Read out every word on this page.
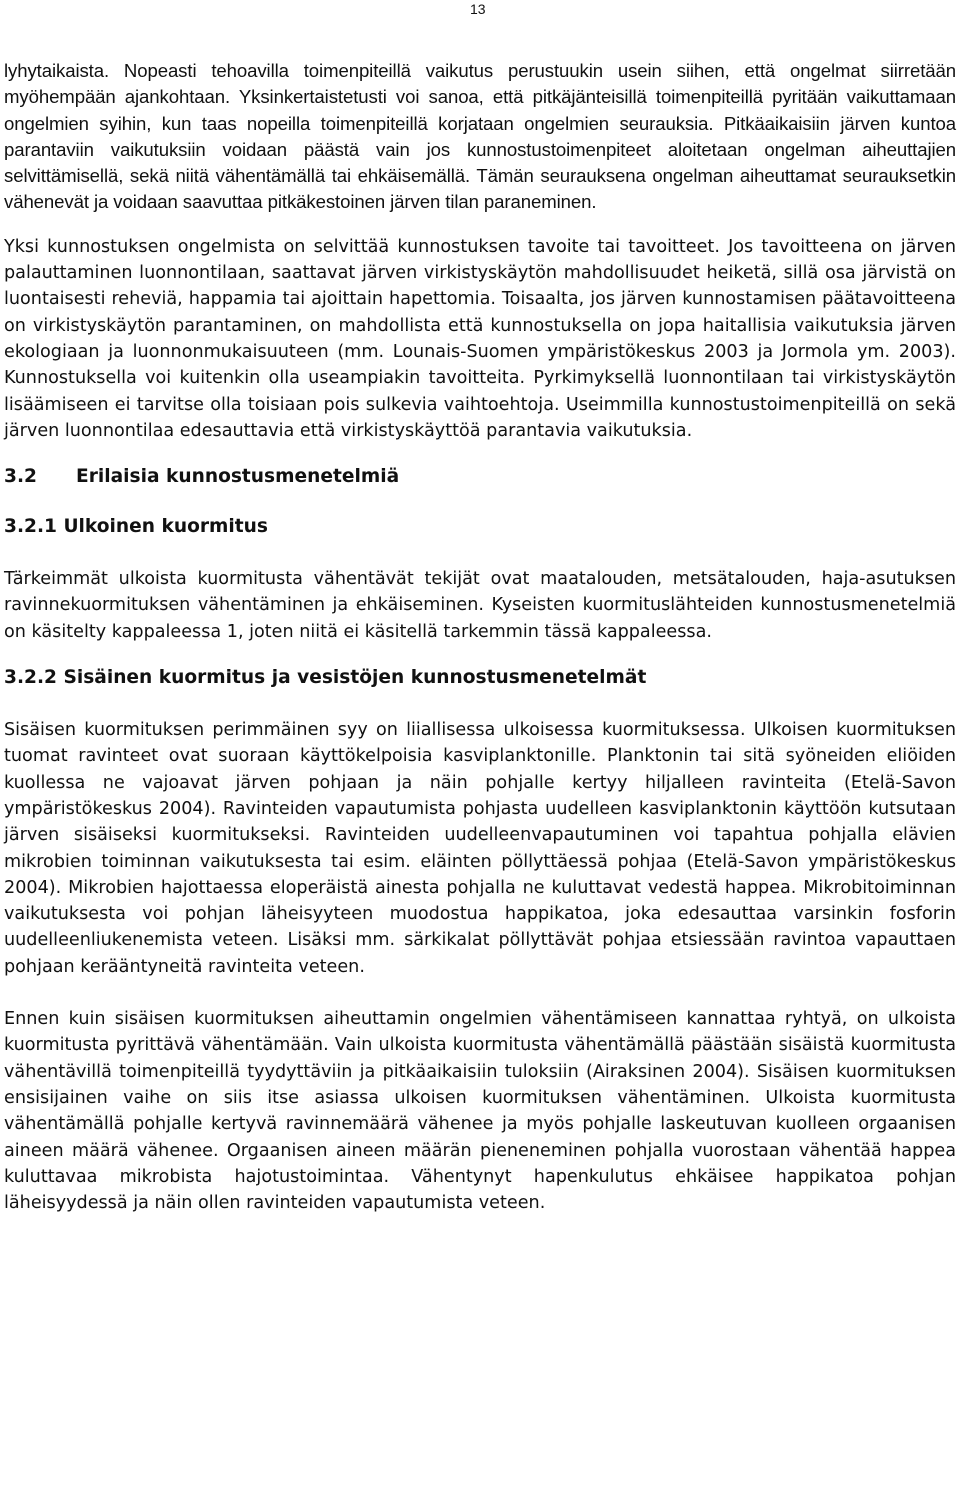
13

lyhytaikaista. Nopeasti tehoavilla toimenpiteillä vaikutus perustuukin usein siihen, että ongelmat siirretään myöhempään ajankohtaan. Yksinkertaistetusti voi sanoa, että pitkäjänteisillä toimenpiteillä pyritään vaikuttamaan ongelmien syihin, kun taas nopeilla toimenpiteillä korjataan ongelmien seurauksia. Pitkäaikaisiin järven kuntoa parantaviin vaikutuksiin voidaan päästä vain jos kunnostustoimenpiteet aloitetaan ongelman aiheuttajien selvittämisellä, sekä niitä vähentämällä tai ehkäisemällä. Tämän seurauksena ongelman aiheuttamat seurauksetkin vähenevät ja voidaan saavuttaa pitkäkestoinen järven tilan paraneminen.

Yksi kunnostuksen ongelmista on selvittää kunnostuksen tavoite tai tavoitteet. Jos tavoitteena on järven palauttaminen luonnontilaan, saattavat järven virkistyskäytön mahdollisuudet heiketä, sillä osa järvistä on luontaisesti reheviä, happamia tai ajoittain hapettomia. Toisaalta, jos järven kunnostamisen päätavoitteena on virkistyskäytön parantaminen, on mahdollista että kunnostuksella on jopa haitallisia vaikutuksia järven ekologiaan ja luonnonmukaisuuteen (mm. Lounais-Suomen ympäristökeskus 2003 ja Jormola ym. 2003). Kunnostuksella voi kuitenkin olla useampiakin tavoitteita. Pyrkimyksellä luonnontilaan tai virkistyskäytön lisäämiseen ei tarvitse olla toisiaan pois sulkevia vaihtoehtoja. Useimmilla kunnostustoimenpiteillä on sekä järven luonnontilaa edesauttavia että virkistyskäyttöä parantavia vaikutuksia.

3.2 Erilaisia kunnostusmenetelmiä
3.2.1 Ulkoinen kuormitus

Tärkeimmät ulkoista kuormitusta vähentävät tekijät ovat maatalouden, metsätalouden, haja-asutuksen ravinnekuormituksen vähentäminen ja ehkäiseminen. Kyseisten kuormituslähteiden kunnostusmenetelmiä on käsitelty kappaleessa 1, joten niitä ei käsitellä tarkemmin tässä kappaleessa.

3.2.2 Sisäinen kuormitus ja vesistöjen kunnostusmenetelmät

Sisäisen kuormituksen perimmäinen syy on liiallisessa ulkoisessa kuormituksessa. Ulkoisen kuormituksen tuomat ravinteet ovat suoraan käyttökelpoisia kasviplanktonille. Planktonin tai sitä syöneiden eliöiden kuollessa ne vajoavat järven pohjaan ja näin pohjalle kertyy hiljalleen ravinteita (Etelä-Savon ympäristökeskus 2004). Ravinteiden vapautumista pohjasta uudelleen kasviplanktonin käyttöön kutsutaan järven sisäiseksi kuormitukseksi. Ravinteiden uudelleenvapautuminen voi tapahtua pohjalla elävien mikrobien toiminnan vaikutuksesta tai esim. eläinten pöllyttäessä pohjaa (Etelä-Savon ympäristökeskus 2004). Mikrobien hajottaessa eloperäistä ainesta pohjalla ne kuluttavat vedestä happea. Mikrobitoiminnan vaikutuksesta voi pohjan läheisyyteen muodostua happikatoa, joka edesauttaa varsinkin fosforin uudelleenliukenemista veteen. Lisäksi mm. särkikalat pöllyttävät pohjaa etsiessään ravintoa vapauttaen pohjaan kerääntyneitä ravinteita veteen.

Ennen kuin sisäisen kuormituksen aiheuttamin ongelmien vähentämiseen kannattaa ryhtyä, on ulkoista kuormitusta pyrittävä vähentämään. Vain ulkoista kuormitusta vähentämällä päästään sisäistä kuormitusta vähentävillä toimenpiteillä tyydyttäviin ja pitkäaikaisiin tuloksiin (Airaksinen 2004). Sisäisen kuormituksen ensisijainen vaihe on siis itse asiassa ulkoisen kuormituksen vähentäminen. Ulkoista kuormitusta vähentämällä pohjalle kertyvä ravinnemäärä vähenee ja myös pohjalle laskeutuvan kuolleen orgaanisen aineen määrä vähenee. Orgaanisen aineen määrän pieneneminen pohjalla vuorostaan vähentää happea kuluttavaa mikrobista hajotustoimintaa. Vähentynyt hapenkulutus ehkäisee happikatoa pohjan läheisyydessä ja näin ollen ravinteiden vapautumista veteen.
